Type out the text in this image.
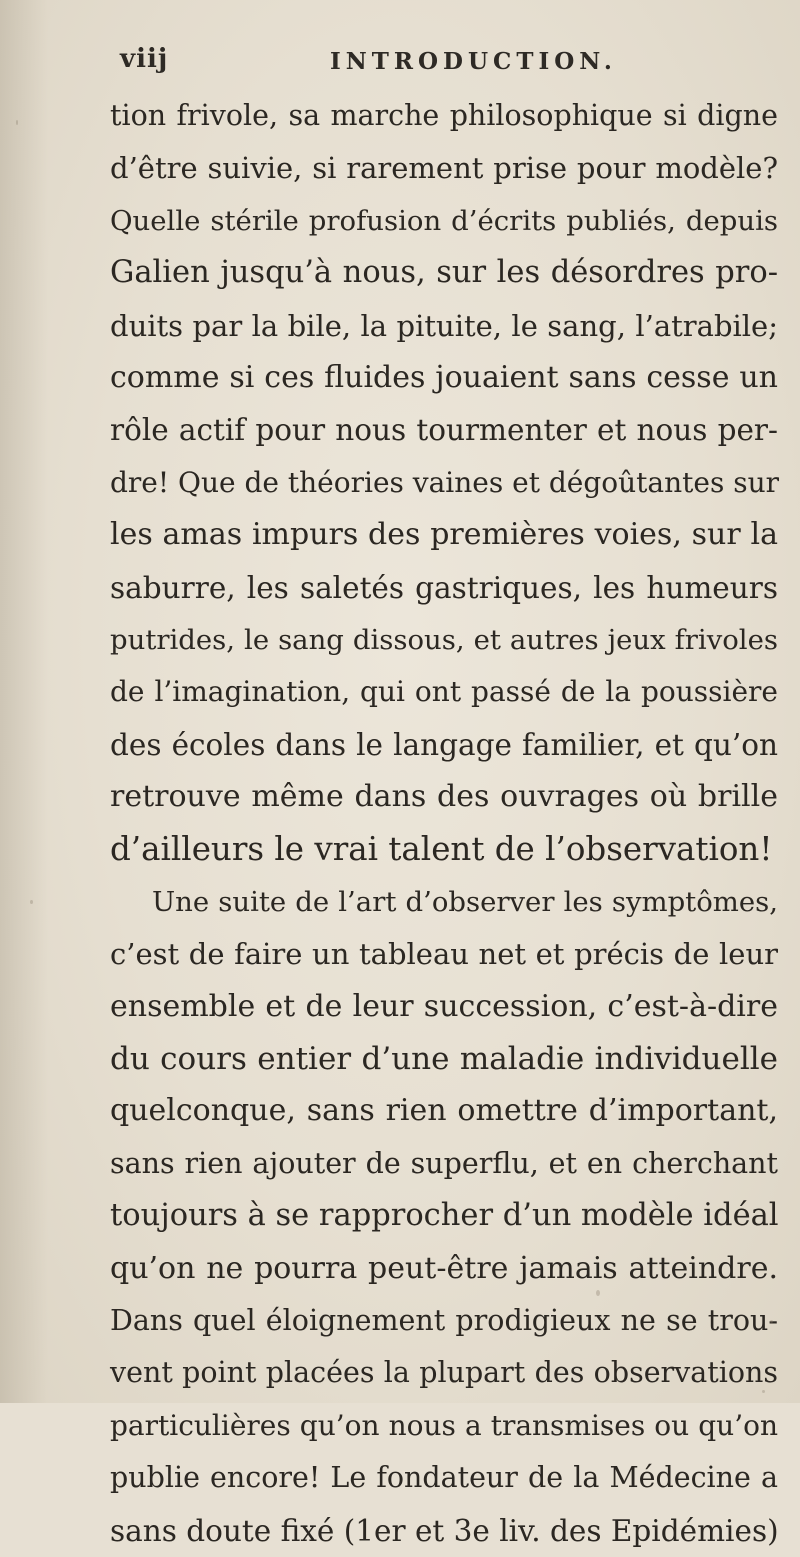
viij	INTRODUCTION.
tion frivole, sa marche philosophique si digne
d’être suivie, si rarement prise pour modèle?
Quelle stérile profusion d’écrits publiés, depuis
Galien jusqu’à nous, sur les désordres pro-
duits par la bile, la pituite, le sang, l’atrabile;
comme si ces fluides jouaient sans cesse un
rôle actif pour nous tourmenter et nous per-
dre! Que de théories vaines et dégoûtantes sur
les amas impurs des premières voies, sur la
saburre, les saletés gastriques, les humeurs
putrides, le sang dissous, et autres jeux frivoles
de l’imagination, qui ont passé de la poussière
des écoles dans le langage familier, et qu’on
retrouve même dans des ouvrages où brille
d’ailleurs le vrai talent de l’observation!
Une suite de l’art d’observer les symptômes,
c’est de faire un tableau net et précis de leur
ensemble et de leur succession, c’est-à-dire
du cours entier d’une maladie individuelle
quelconque, sans rien omettre d’important,
sans rien ajouter de superflu, et en cherchant
toujours à se rapprocher d’un modèle idéal
qu’on ne pourra peut-être jamais atteindre.
Dans quel éloignement prodigieux ne se trou-
vent point placées la plupart des observations
particulières qu’on nous a transmises ou qu’on
publie encore! Le fondateur de la Médecine a
sans doute fixé (1er et 3e liv. des Epidémies)
